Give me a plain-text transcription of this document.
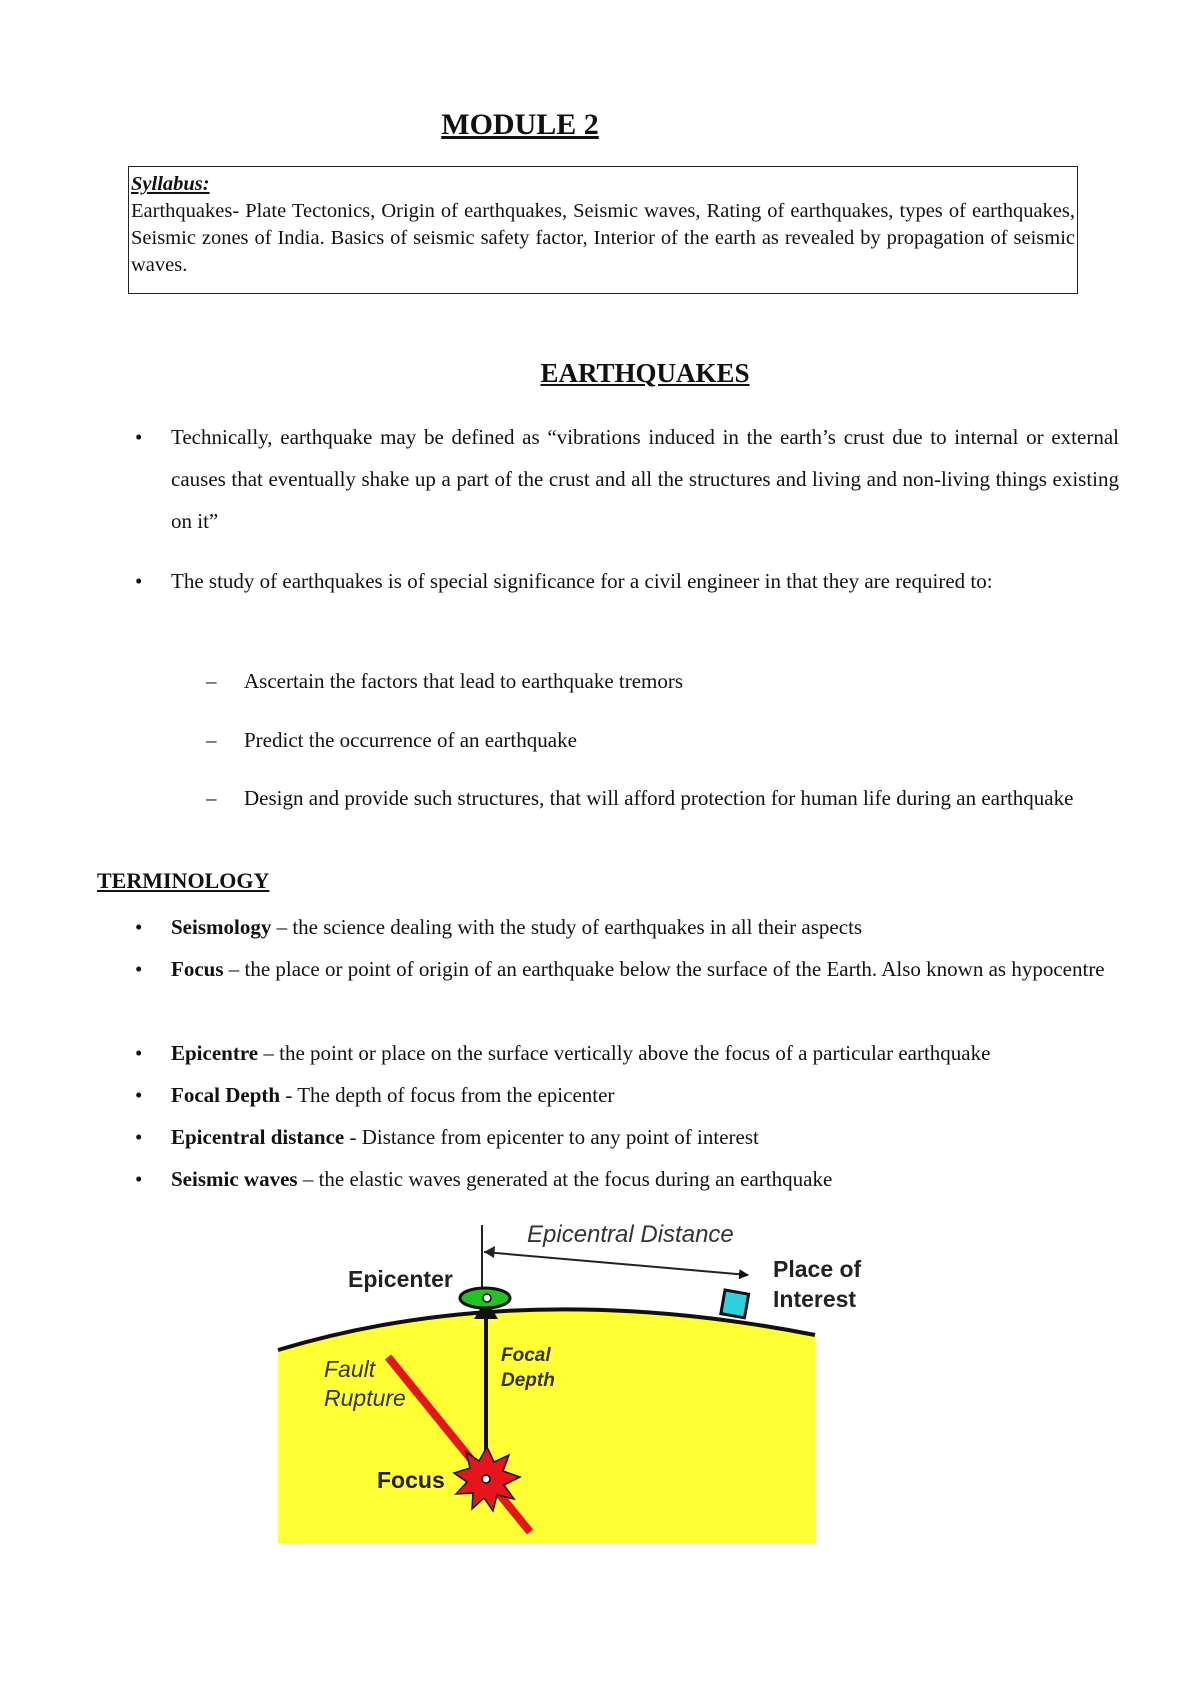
MODULE 2
Syllabus:
Earthquakes- Plate Tectonics, Origin of earthquakes, Seismic waves, Rating of earthquakes, types of earthquakes, Seismic zones of India. Basics of seismic safety factor, Interior of the earth as revealed by propagation of seismic waves.
EARTHQUAKES
• Technically, earthquake may be defined as “vibrations induced in the earth’s crust due to internal or external causes that eventually shake up a part of the crust and all the structures and living and non-living things existing on it”
• The study of earthquakes is of special significance for a civil engineer in that they are required to:
– Ascertain the factors that lead to earthquake tremors
– Predict the occurrence of an earthquake
– Design and provide such structures, that will afford protection for human life during an earthquake
TERMINOLOGY
• Seismology – the science dealing with the study of earthquakes in all their aspects
• Focus – the place or point of origin of an earthquake below the surface of the Earth. Also known as hypocentre
• Epicentre – the point or place on the surface vertically above the focus of a particular earthquake
• Focal Depth - The depth of focus from the epicenter
• Epicentral distance - Distance from epicenter to any point of interest
• Seismic waves – the elastic waves generated at the focus during an earthquake
Epicentral Distance
Epicenter	Place of
Interest
Fault
Rupture
Focal
Depth
Focus
